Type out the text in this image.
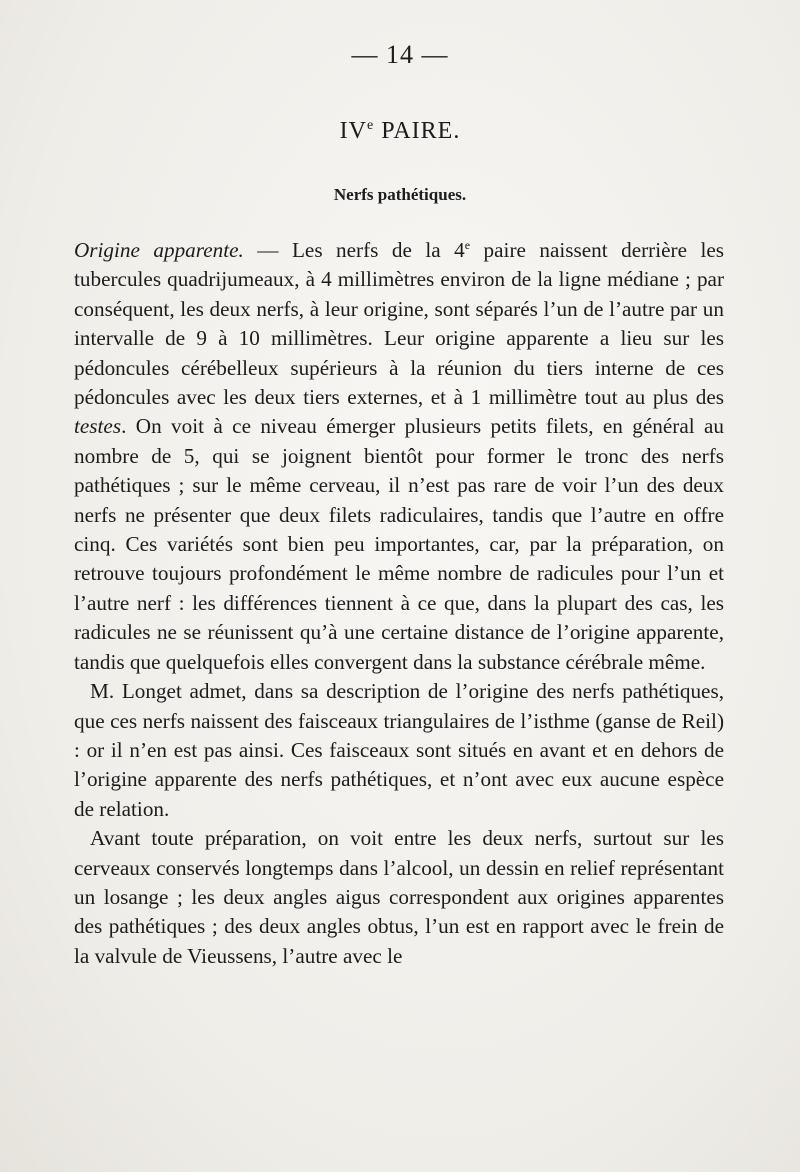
— 14 —
IVe PAIRE.
Nerfs pathétiques.

Origine apparente. — Les nerfs de la 4e paire naissent derrière les tubercules quadrijumeaux, à 4 millimètres environ de la ligne médiane ; par conséquent, les deux nerfs, à leur origine, sont séparés l’un de l’autre par un intervalle de 9 à 10 millimètres. Leur origine apparente a lieu sur les pédoncules cérébelleux supérieurs à la réunion du tiers interne de ces pédoncules avec les deux tiers externes, et à 1 millimètre tout au plus des testes. On voit à ce niveau émerger plusieurs petits filets, en général au nombre de 5, qui se joignent bientôt pour former le tronc des nerfs pathétiques ; sur le même cerveau, il n’est pas rare de voir l’un des deux nerfs ne présenter que deux filets radiculaires, tandis que l’autre en offre cinq. Ces variétés sont bien peu importantes, car, par la préparation, on retrouve toujours profondément le même nombre de radicules pour l’un et l’autre nerf : les différences tiennent à ce que, dans la plupart des cas, les radicules ne se réunissent qu’à une certaine distance de l’origine apparente, tandis que quelquefois elles convergent dans la substance cérébrale même.

M. Longet admet, dans sa description de l’origine des nerfs pathétiques, que ces nerfs naissent des faisceaux triangulaires de l’isthme (ganse de Reil) : or il n’en est pas ainsi. Ces faisceaux sont situés en avant et en dehors de l’origine apparente des nerfs pathétiques, et n’ont avec eux aucune espèce de relation.

Avant toute préparation, on voit entre les deux nerfs, surtout sur les cerveaux conservés longtemps dans l’alcool, un dessin en relief représentant un losange ; les deux angles aigus correspondent aux origines apparentes des pathétiques ; des deux angles obtus, l’un est en rapport avec le frein de la valvule de Vieussens, l’autre avec le
